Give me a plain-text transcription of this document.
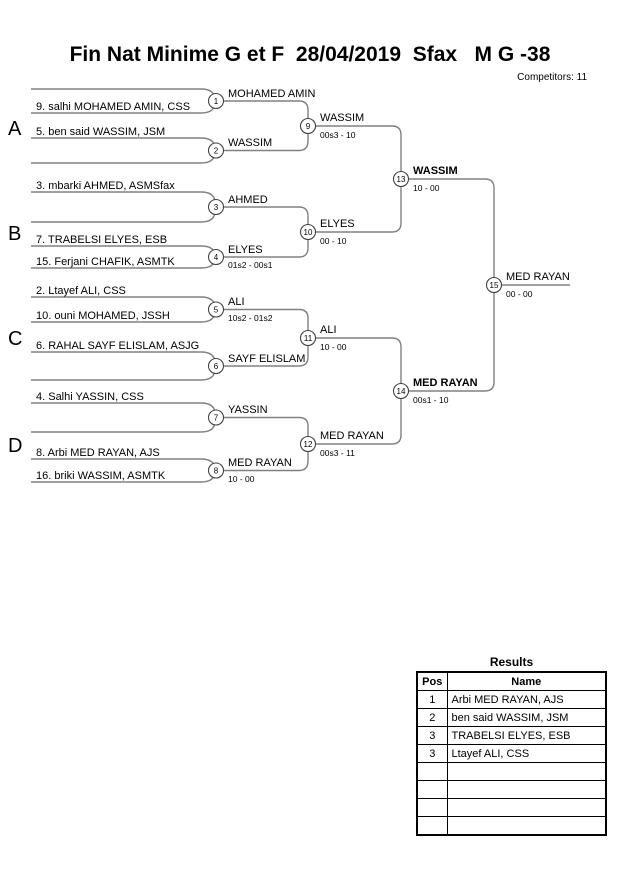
Fin Nat Minime G et F  28/04/2019  Sfax   M G -38
Competitors: 11
A
B
C
D
1
2
3
4
5
6
7
8
9
10
11
12
13
14
15
9. salhi MOHAMED AMIN, CSS
5. ben said WASSIM, JSM
3. mbarki AHMED, ASMSfax
7. TRABELSI ELYES, ESB
15. Ferjani CHAFIK, ASMTK
2. Ltayef ALI, CSS
10. ouni MOHAMED, JSSH
6. RAHAL SAYF ELISLAM, ASJG
4. Salhi YASSIN, CSS
8. Arbi MED RAYAN, AJS
16. briki WASSIM, ASMTK
MOHAMED AMIN
WASSIM
AHMED
ELYES
01s2 - 00s1
ALI
10s2 - 01s2
SAYF ELISLAM
YASSIN
MED RAYAN
10 - 00
WASSIM
00s3 - 10
ELYES
00 - 10
ALI
10 - 00
MED RAYAN
00s3 - 11
WASSIM
10 - 00
MED RAYAN
00s1 - 10
MED RAYAN
00 - 00
Results
Pos	Name
1	Arbi MED RAYAN, AJS
2	ben said WASSIM, JSM
3	TRABELSI ELYES, ESB
3	Ltayef ALI, CSS
